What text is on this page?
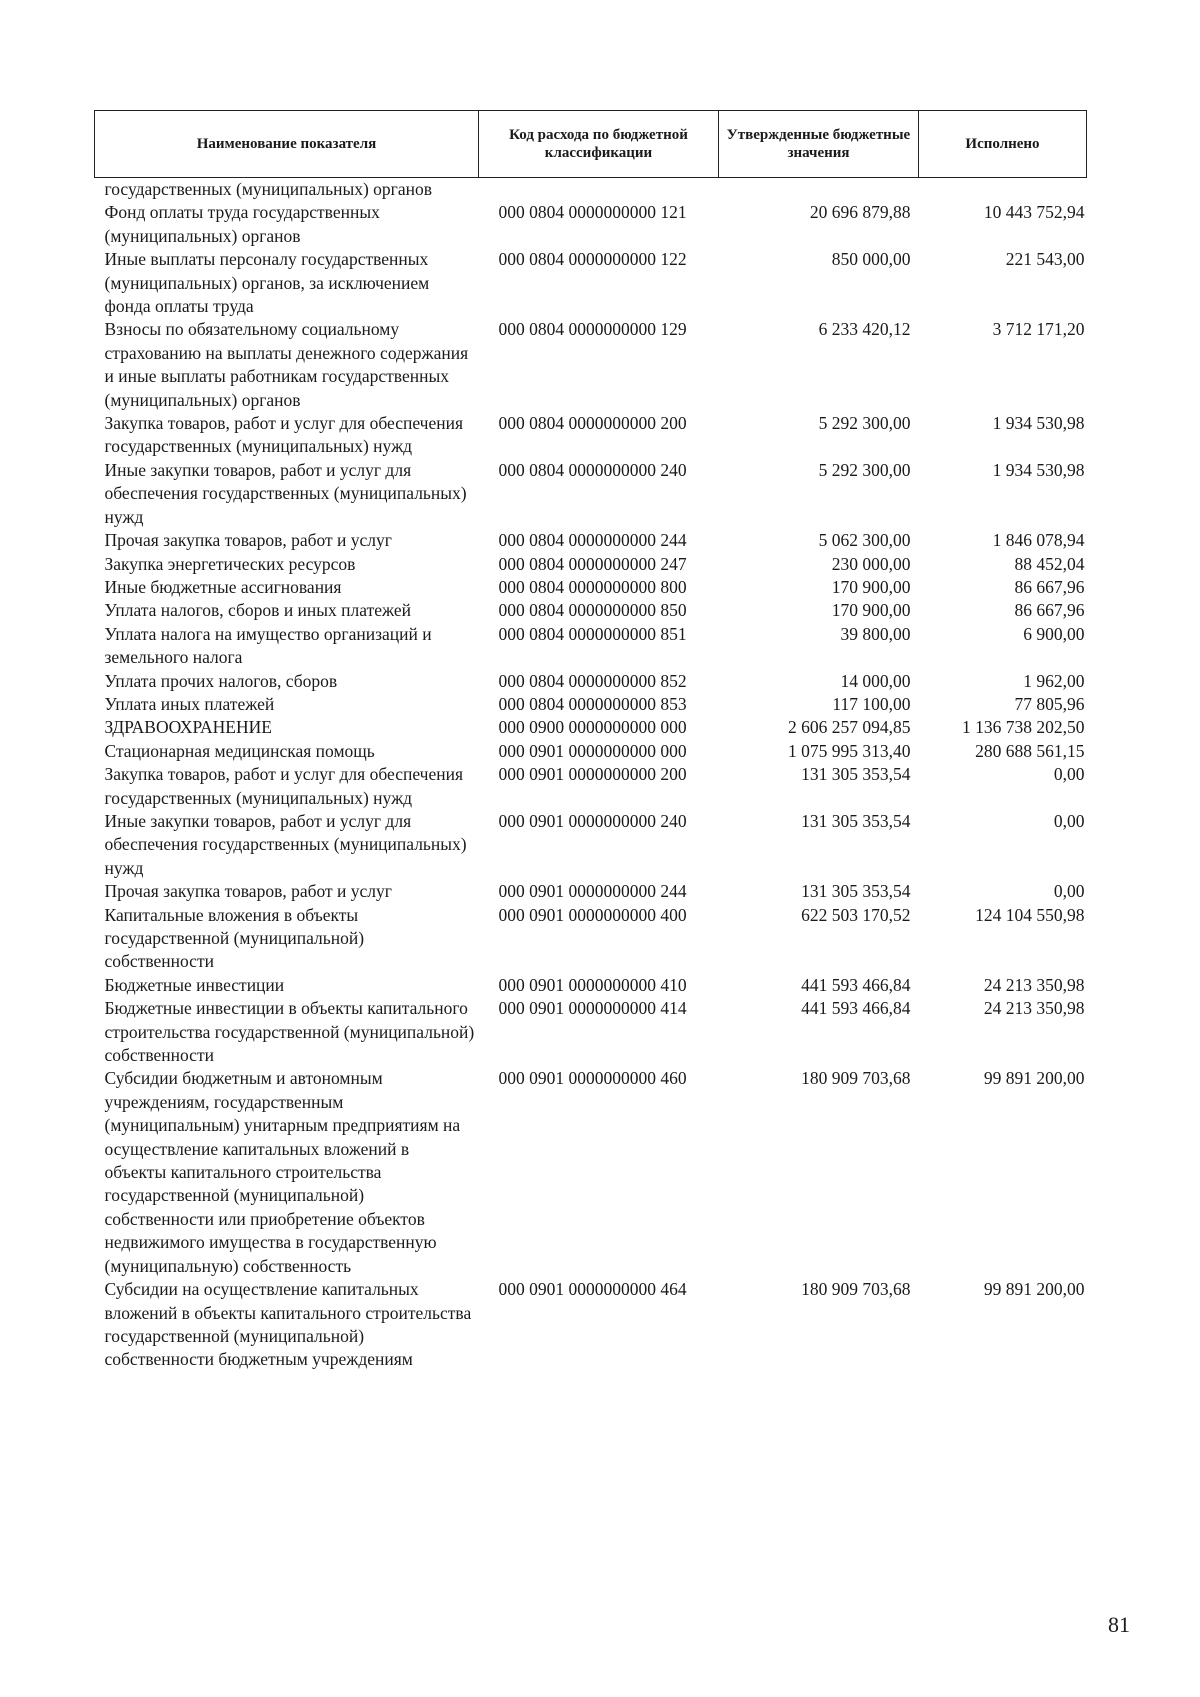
Наименование показателя	Код расхода по бюджетной классификации	Утвержденные бюджетные значения	Исполнено
государственных (муниципальных) органов			
Фонд оплаты труда государственных (муниципальных) органов	000 0804 0000000000 121	20 696 879,88	10 443 752,94
Иные выплаты персоналу государственных (муниципальных) органов, за исключением фонда оплаты труда	000 0804 0000000000 122	850 000,00	221 543,00
Взносы по обязательному социальному страхованию на выплаты денежного содержания и иные выплаты работникам государственных (муниципальных) органов	000 0804 0000000000 129	6 233 420,12	3 712 171,20
Закупка товаров, работ и услуг для обеспечения государственных (муниципальных) нужд	000 0804 0000000000 200	5 292 300,00	1 934 530,98
Иные закупки товаров, работ и услуг для обеспечения государственных (муниципальных) нужд	000 0804 0000000000 240	5 292 300,00	1 934 530,98
Прочая закупка товаров, работ и услуг	000 0804 0000000000 244	5 062 300,00	1 846 078,94
Закупка энергетических ресурсов	000 0804 0000000000 247	230 000,00	88 452,04
Иные бюджетные ассигнования	000 0804 0000000000 800	170 900,00	86 667,96
Уплата налогов, сборов и иных платежей	000 0804 0000000000 850	170 900,00	86 667,96
Уплата налога на имущество организаций и земельного налога	000 0804 0000000000 851	39 800,00	6 900,00
Уплата прочих налогов, сборов	000 0804 0000000000 852	14 000,00	1 962,00
Уплата иных платежей	000 0804 0000000000 853	117 100,00	77 805,96
ЗДРАВООХРАНЕНИЕ	000 0900 0000000000 000	2 606 257 094,85	1 136 738 202,50
Стационарная медицинская помощь	000 0901 0000000000 000	1 075 995 313,40	280 688 561,15
Закупка товаров, работ и услуг для обеспечения государственных (муниципальных) нужд	000 0901 0000000000 200	131 305 353,54	0,00
Иные закупки товаров, работ и услуг для обеспечения государственных (муниципальных) нужд	000 0901 0000000000 240	131 305 353,54	0,00
Прочая закупка товаров, работ и услуг	000 0901 0000000000 244	131 305 353,54	0,00
Капитальные вложения в объекты государственной (муниципальной) собственности	000 0901 0000000000 400	622 503 170,52	124 104 550,98
Бюджетные инвестиции	000 0901 0000000000 410	441 593 466,84	24 213 350,98
Бюджетные инвестиции в объекты капитального строительства государственной (муниципальной) собственности	000 0901 0000000000 414	441 593 466,84	24 213 350,98
Субсидии бюджетным и автономным учреждениям, государственным (муниципальным) унитарным предприятиям на осуществление капитальных вложений в объекты капитального строительства государственной (муниципальной) собственности или приобретение объектов недвижимого имущества в государственную (муниципальную) собственность	000 0901 0000000000 460	180 909 703,68	99 891 200,00
Субсидии на осуществление капитальных вложений в объекты капитального строительства государственной (муниципальной) собственности бюджетным учреждениям	000 0901 0000000000 464	180 909 703,68	99 891 200,00
81
